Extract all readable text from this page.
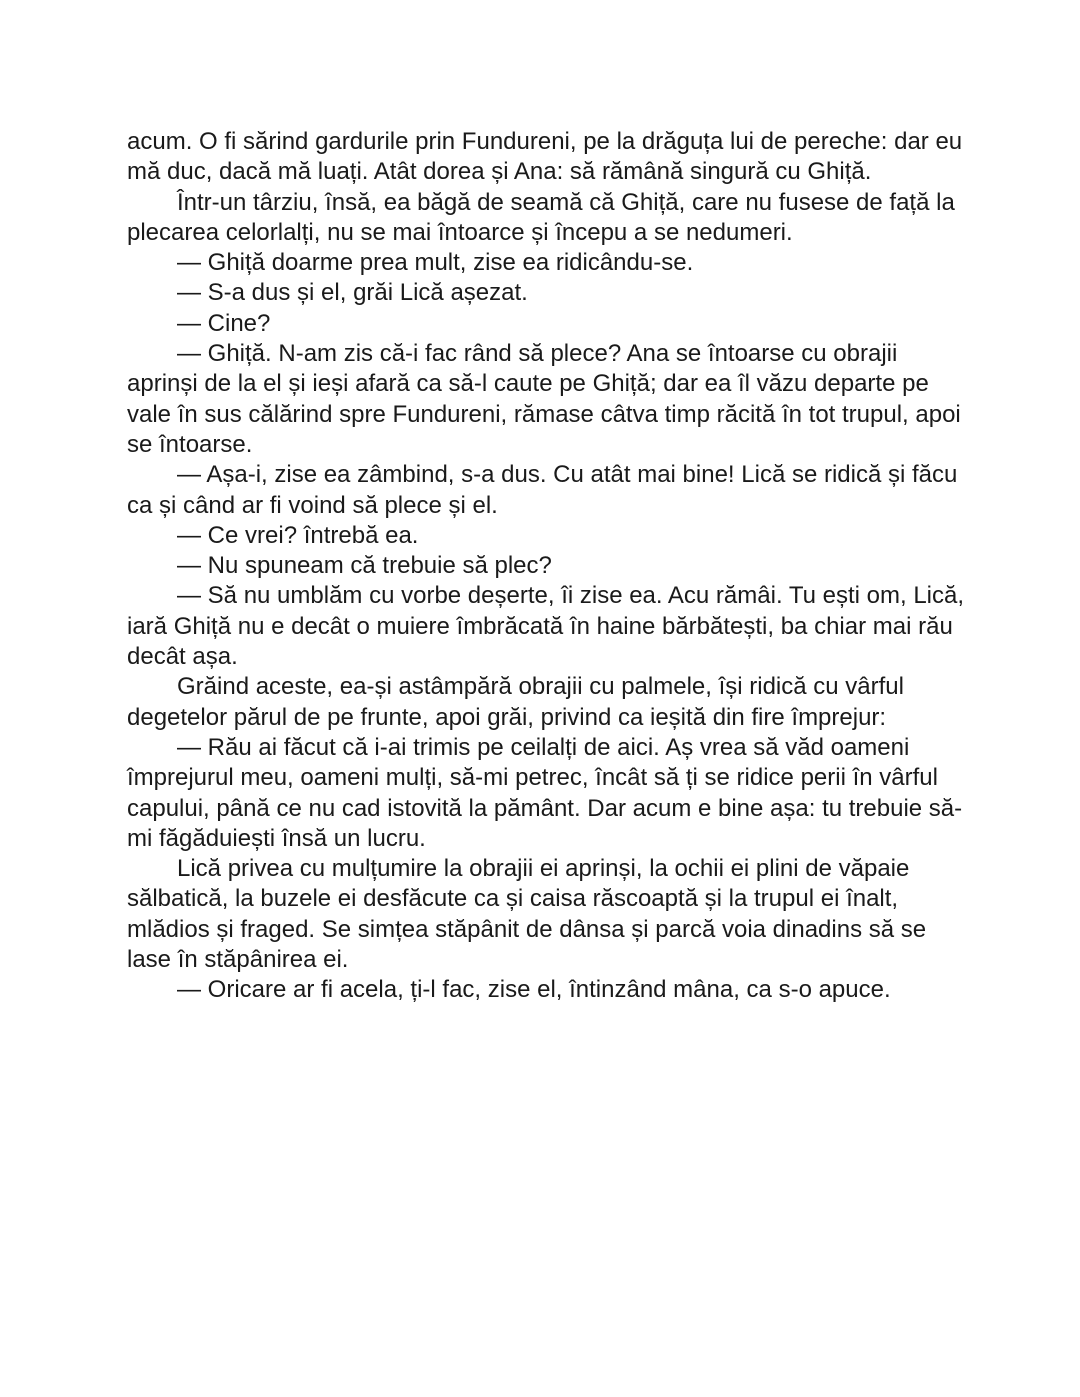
acum. O fi sărind gardurile prin Fundureni, pe la drăguța lui de pereche: dar eu mă duc, dacă mă luați. Atât dorea și Ana: să rămână singură cu Ghiță.

Într-un târziu, însă, ea băgă de seamă că Ghiță, care nu fusese de față la plecarea celorlalți, nu se mai întoarce și începu a se nedumeri.

— Ghiță doarme prea mult, zise ea ridicându-se.

— S-a dus și el, grăi Lică așezat.

— Cine?

— Ghiță. N-am zis că-i fac rând să plece? Ana se întoarse cu obrajii aprinși de la el și ieși afară ca să-l caute pe Ghiță; dar ea îl văzu departe pe vale în sus călărind spre Fundureni, rămase câtva timp răcită în tot trupul, apoi se întoarse.

— Așa-i, zise ea zâmbind, s-a dus. Cu atât mai bine! Lică se ridică și făcu ca și când ar fi voind să plece și el.

— Ce vrei? întrebă ea.

— Nu spuneam că trebuie să plec?

— Să nu umblăm cu vorbe deșerte, îi zise ea. Acu rămâi. Tu ești om, Lică, iară Ghiță nu e decât o muiere îmbrăcată în haine bărbătești, ba chiar mai rău decât așa.

Grăind aceste, ea-și astâmpără obrajii cu palmele, își ridică cu vârful degetelor părul de pe frunte, apoi grăi, privind ca ieșită din fire împrejur:

— Rău ai făcut că i-ai trimis pe ceilalți de aici. Aș vrea să văd oameni împrejurul meu, oameni mulți, să-mi petrec, încât să ți se ridice perii în vârful capului, până ce nu cad istovită la pământ. Dar acum e bine așa: tu trebuie să-mi făgăduiești însă un lucru.

Lică privea cu mulțumire la obrajii ei aprinși, la ochii ei plini de văpaie sălbatică, la buzele ei desfăcute ca și caisa răscoaptă și la trupul ei înalt, mlădios și fraged. Se simțea stăpânit de dânsa și parcă voia dinadins să se lase în stăpânirea ei.

— Oricare ar fi acela, ți-l fac, zise el, întinzând mâna, ca s-o apuce.
